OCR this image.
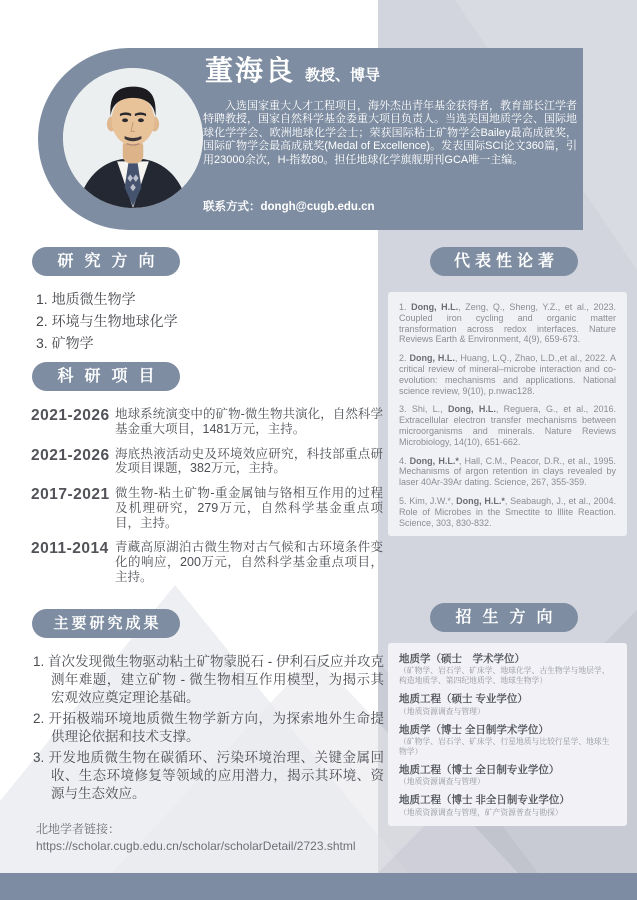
董海良 教授、博导

入选国家重大人才工程项目，海外杰出青年基金获得者，教育部长江学者特聘教授，国家自然科学基金委重大项目负责人。当选美国地质学会、国际地球化学学会、欧洲地球化学会士；荣获国际粘土矿物学会Bailey最高成就奖，国际矿物学会最高成就奖(Medal of Excellence)。发表国际SCI论文360篇，引用23000余次，H-指数80。担任地球化学旗舰期刊GCA唯一主编。

联系方式：dongh@cugb.edu.cn
研究方向
1. 地质微生物学
2. 环境与生物地球化学
3. 矿物学
科研项目
2021-2026 地球系统演变中的矿物-微生物共演化，自然科学基金重大项目，1481万元，主持。
2021-2026 海底热液活动史及环境效应研究，科技部重点研发项目课题，382万元，主持。
2017-2021 微生物-粘土矿物-重金属铀与铬相互作用的过程及机理研究，279万元，自然科学基金重点项目，主持。
2011-2014 青藏高原湖泊古微生物对古气候和古环境条件变化的响应，200万元，自然科学基金重点项目，主持。
主要研究成果
1. 首次发现微生物驱动粘土矿物蒙脱石 - 伊利石反应并攻克测年难题，建立矿物 - 微生物相互作用模型，为揭示其宏观效应奠定理论基础。
2. 开拓极端环境地质微生物学新方向，为探索地外生命提供理论依据和技术支撑。
3. 开发地质微生物在碳循环、污染环境治理、关键金属回收、生态环境修复等领域的应用潜力，揭示其环境、资源与生态效应。
代表性论著

1. Dong, H.L., Zeng, Q., Sheng, Y.Z., et al., 2023. Coupled iron cycling and organic matter transformation across redox interfaces. Nature Reviews Earth & Environment, 4(9), 659-673.

2. Dong, H.L., Huang, L.Q., Zhao, L.D.,et al., 2022. A critical review of mineral–microbe interaction and co-evolution: mechanisms and applications. National science review, 9(10), p.nwac128.

3. Shi, L., Dong, H.L., Reguera, G., et al., 2016. Extracellular electron transfer mechanisms between microorganisms and minerals. Nature Reviews Microbiology, 14(10), 651-662.

4. Dong, H.L.*, Hall, C.M., Peacor, D.R., et al., 1995. Mechanisms of argon retention in clays revealed by laser 40Ar-39Ar dating. Science, 267, 355-359.

5. Kim, J.W.*, Dong, H.L.*, Seabaugh, J., et al., 2004. Role of Microbes in the Smectite to Illite Reaction. Science, 303, 830-832.

招生方向
地质学（硕士　学术学位）
（矿物学、岩石学、矿床学、地球化学、古生物学与地层学、构造地质学、第四纪地质学、地球生物学）
地质工程（硕士 专业学位）
（地质资源调查与管理）
地质学（博士 全日制学术学位）
（矿物学、岩石学、矿床学、行星地质与比较行星学、地球生物学）
地质工程（博士 全日制专业学位）
（地质资源调查与管理）
地质工程（博士 非全日制专业学位）
（地质资源调查与管理，矿产资源普查与勘探）
北地学者链接：
https://scholar.cugb.edu.cn/scholar/scholarDetail/2723.shtml
